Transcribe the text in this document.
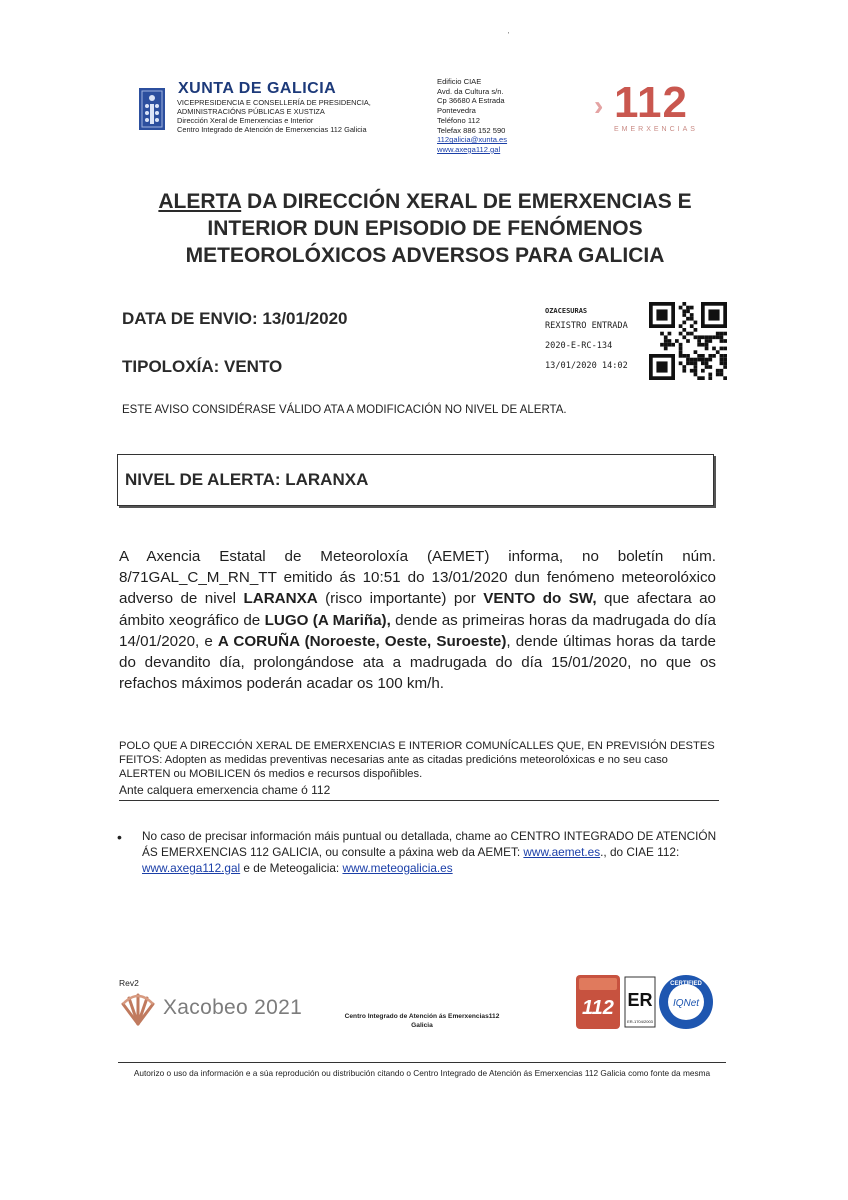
XUNTA DE GALICIA
VICEPRESIDENCIA E CONSELLERÍA DE PRESIDENCIA,
ADMINISTRACIÓNS PÚBLICAS E XUSTIZA
Dirección Xeral de Emerxencias e Interior
Centro Integrado de Atención de Emerxencias 112 Galicia
'
Edificio CIAE
Avd. da Cultura s/n.
Cp 36680 A Estrada
Pontevedra
Teléfono 112
Telefax 886 152 590
112galicia@xunta.es
www.axega112.gal
› 112
EMERXENCIAS
ALERTA DA DIRECCIÓN XERAL DE EMERXENCIAS E
INTERIOR DUN EPISODIO DE FENÓMENOS
METEOROLÓXICOS ADVERSOS PARA GALICIA
DATA DE ENVIO: 13/01/2020
TIPOLOXÍA: VENTO
OZACESURAS
REXISTRO ENTRADA
2020-E-RC-134
13/01/2020 14:02
ESTE AVISO CONSIDÉRASE VÁLIDO ATA A MODIFICACIÓN NO NIVEL DE ALERTA.
NIVEL DE ALERTA: LARANXA
A Axencia Estatal de Meteoroloxía (AEMET) informa, no boletín núm. 8/71GAL_C_M_RN_TT emitido ás 10:51 do 13/01/2020 dun fenómeno meteorolóxico adverso de nivel LARANXA (risco importante) por VENTO do SW, que afectara ao ámbito xeográfico de LUGO (A Mariña), dende as primeiras horas da madrugada do día 14/01/2020, e A CORUÑA (Noroeste, Oeste, Suroeste), dende últimas horas da tarde do devandito día, prolongándose ata a madrugada do día 15/01/2020, no que os refachos máximos poderán acadar os 100 km/h.
POLO QUE A DIRECCIÓN XERAL DE EMERXENCIAS E INTERIOR COMUNÍCALLES QUE, EN PREVISIÓN DESTES FEITOS: Adopten as medidas preventivas necesarias ante as citadas predicións meteorolóxicas e no seu caso ALERTEN ou MOBILICEN ós medios e recursos dispoñibles.
Ante calquera emerxencia chame ó 112
• No caso de precisar información máis puntual ou detallada, chame ao CENTRO INTEGRADO DE ATENCIÓN ÁS EMERXENCIAS 112 GALICIA, ou consulte a páxina web da AEMET: www.aemet.es., do CIAE 112: www.axega112.gal e de Meteogalicia: www.meteogalicia.es
Rev2
Xacobeo 2021	Centro Integrado de Atención ás Emerxencias112
Galicia
112 ER
ER-1704/2003
CERTIFIED
IQNet
Autorizo o uso da información e a súa reprodución ou distribución citando o Centro Integrado de Atención ás Emerxencias 112 Galicia como fonte da mesma
